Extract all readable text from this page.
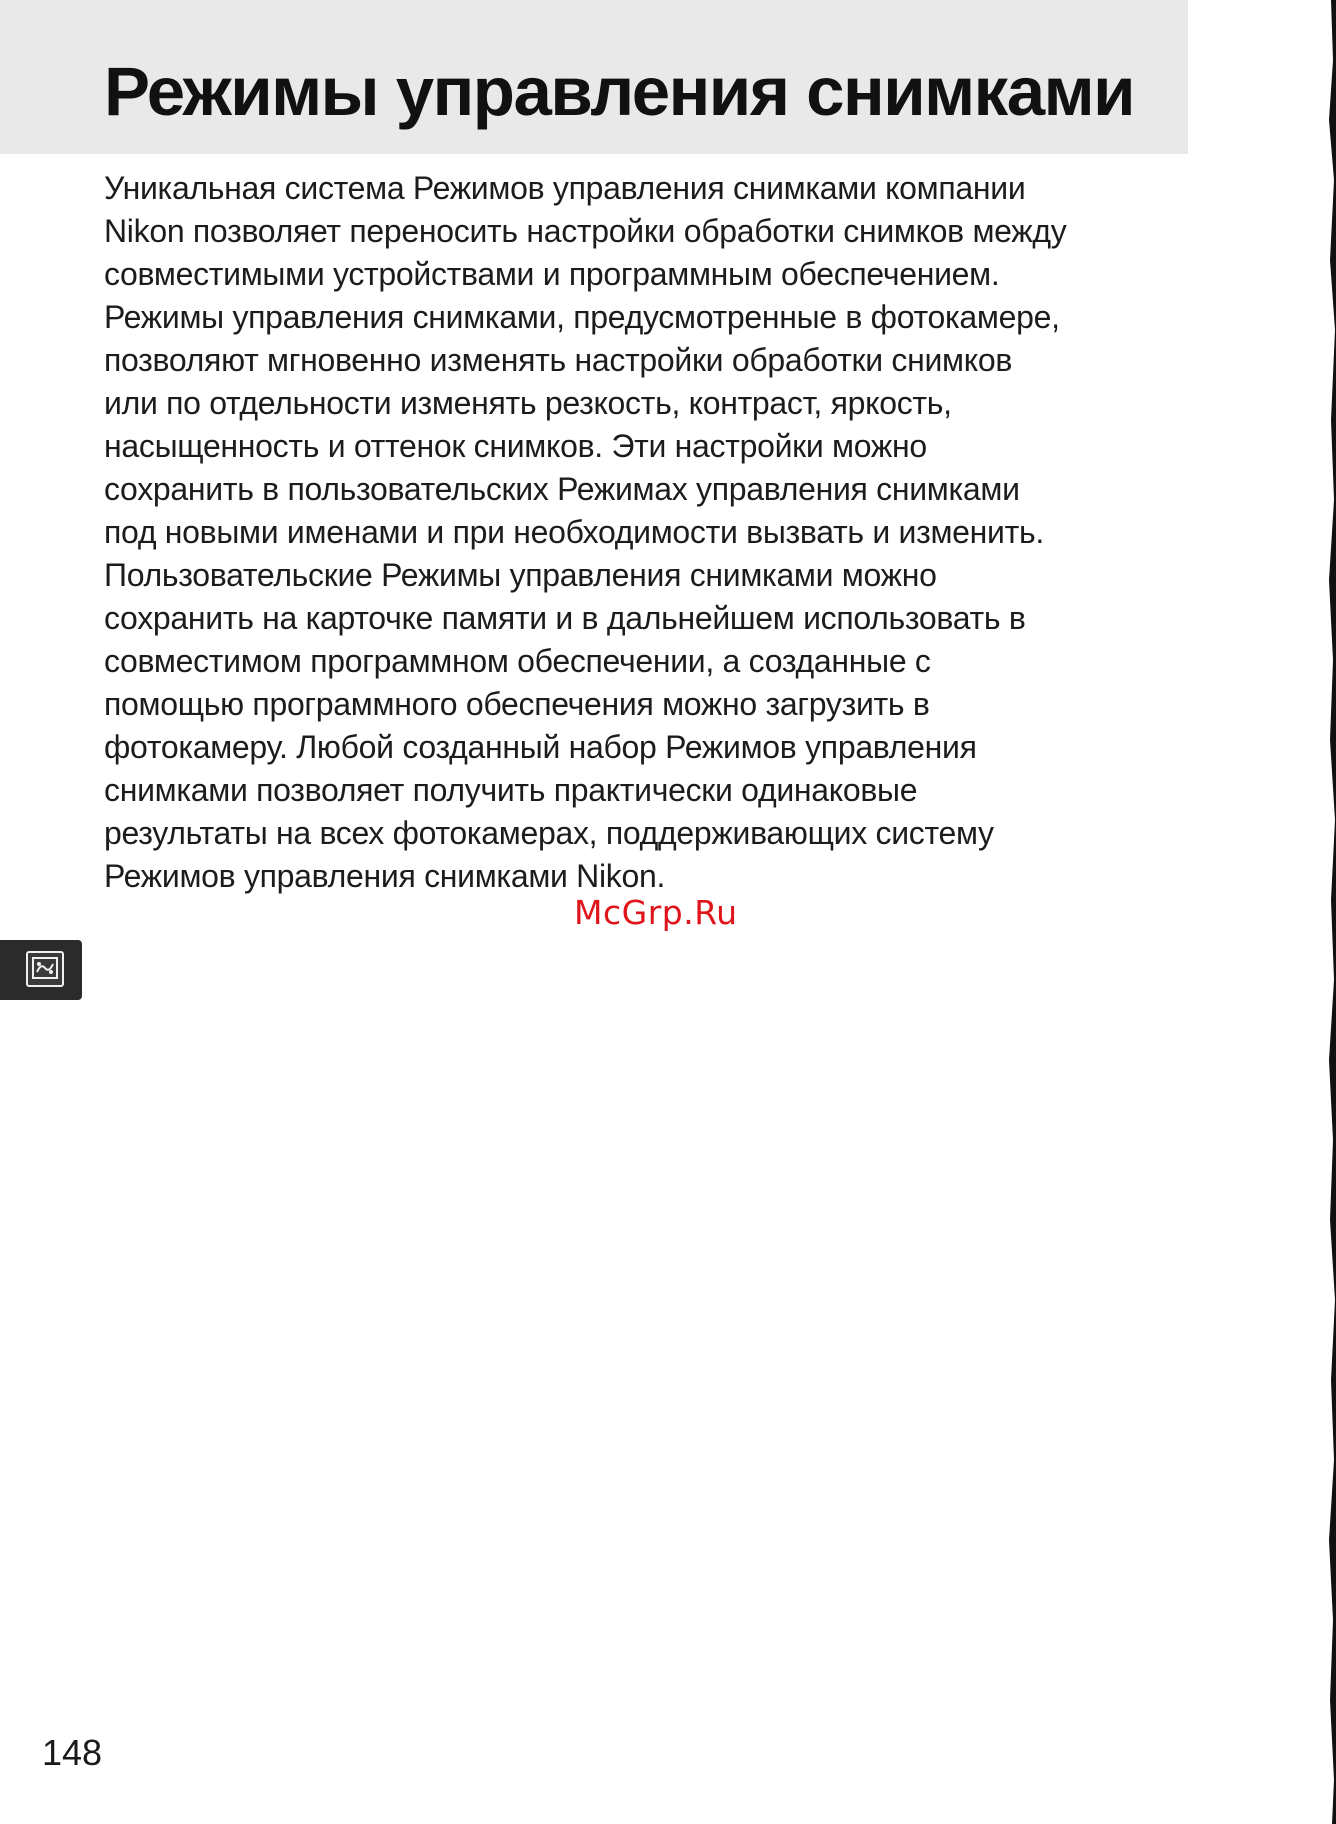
Режимы управления снимками

Уникальная система Режимов управления снимками компании
Nikon позволяет переносить настройки обработки снимков между
совместимыми устройствами и программным обеспечением.
Режимы управления снимками, предусмотренные в фотокамере,
позволяют мгновенно изменять настройки обработки снимков
или по отдельности изменять резкость, контраст, яркость,
насыщенность и оттенок снимков. Эти настройки можно
сохранить в пользовательских Режимах управления снимками
под новыми именами и при необходимости вызвать и изменить.
Пользовательские Режимы управления снимками можно
сохранить на карточке памяти и в дальнейшем использовать в
совместимом программном обеспечении, а созданные с
помощью программного обеспечения можно загрузить в
фотокамеру. Любой созданный набор Режимов управления
снимками позволяет получить практически одинаковые
результаты на всех фотокамерах, поддерживающих систему
Режимов управления снимками Nikon.

McGrp.Ru
148
